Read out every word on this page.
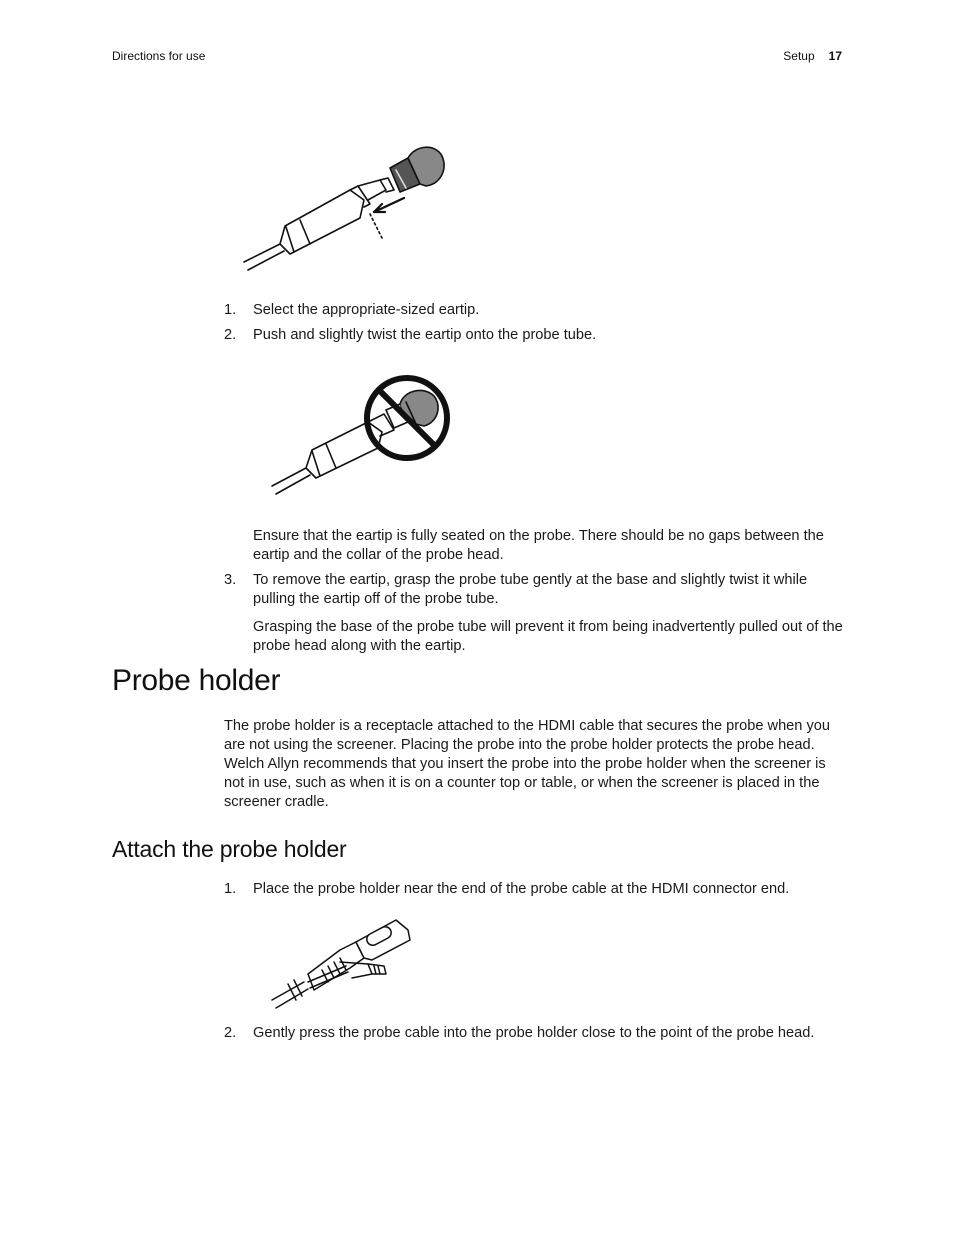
Directions for use	Setup 17
1.	Select the appropriate-sized eartip.
2.	Push and slightly twist the eartip onto the probe tube.
Ensure that the eartip is fully seated on the probe. There should be no gaps between the eartip and the collar of the probe head.
3.	To remove the eartip, grasp the probe tube gently at the base and slightly twist it while pulling the eartip off of the probe tube.
Grasping the base of the probe tube will prevent it from being inadvertently pulled out of the probe head along with the eartip.
Probe holder
The probe holder is a receptacle attached to the HDMI cable that secures the probe when you are not using the screener. Placing the probe into the probe holder protects the probe head. Welch Allyn recommends that you insert the probe into the probe holder when the screener is not in use, such as when it is on a counter top or table, or when the screener is placed in the screener cradle.
Attach the probe holder
1.	Place the probe holder near the end of the probe cable at the HDMI connector end.
2.	Gently press the probe cable into the probe holder close to the point of the probe head.
